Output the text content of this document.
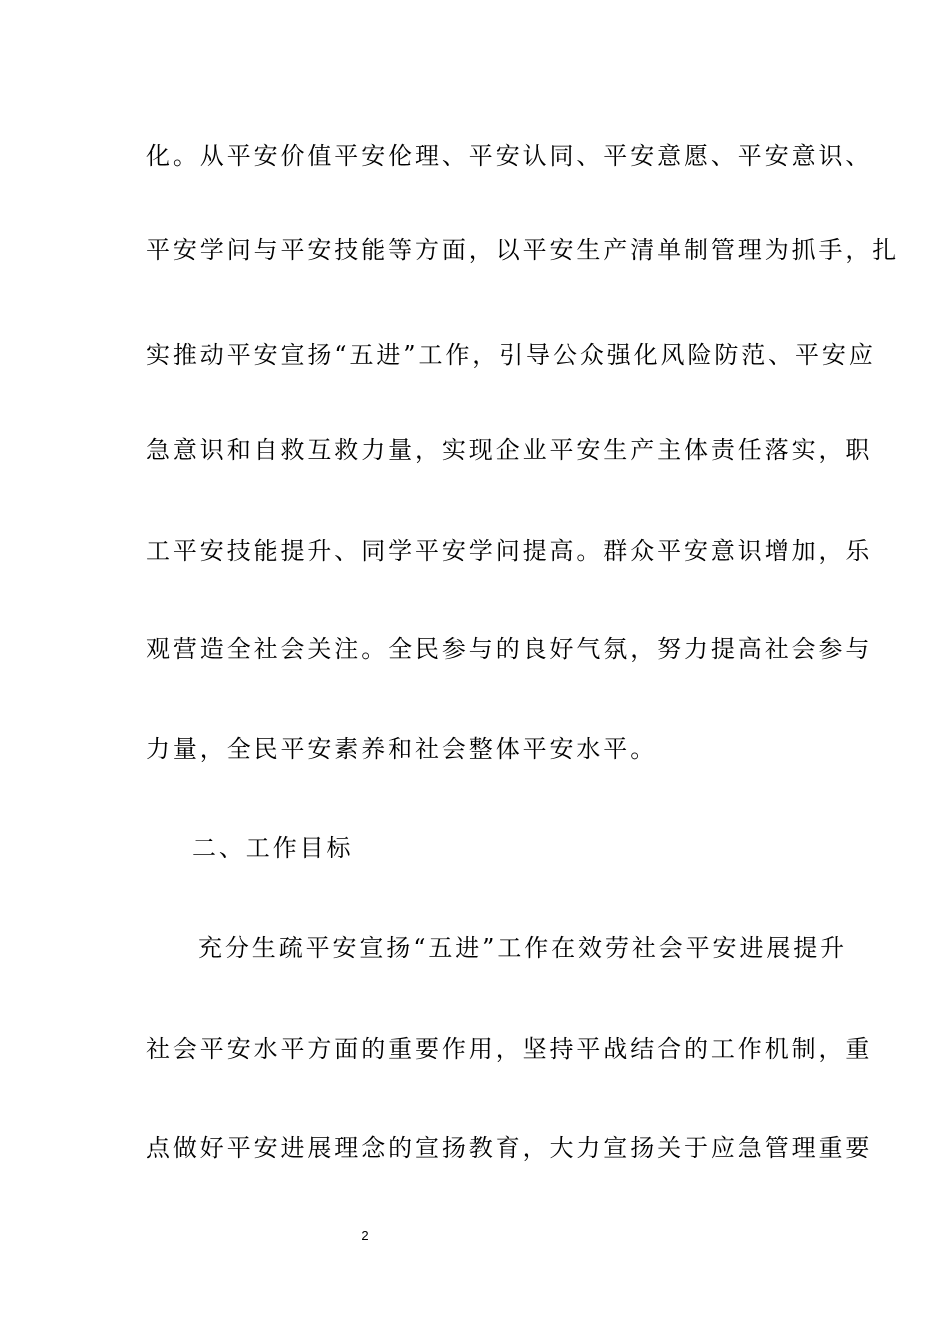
化。从平安价值平安伦理、平安认同、平安意愿、平安意识、
平安学问与平安技能等方面，以平安生产清单制管理为抓手，扎
实推动平安宣扬“五进”工作，引导公众强化风险防范、平安应
急意识和自救互救力量，实现企业平安生产主体责任落实，职
工平安技能提升、同学平安学问提高。群众平安意识增加，乐
观营造全社会关注。全民参与的良好气氛，努力提高社会参与
力量，全民平安素养和社会整体平安水平。
二、工作目标
充分生疏平安宣扬“五进”工作在效劳社会平安进展提升
社会平安水平方面的重要作用，坚持平战结合的工作机制，重
点做好平安进展理念的宣扬教育，大力宣扬关于应急管理重要
2
